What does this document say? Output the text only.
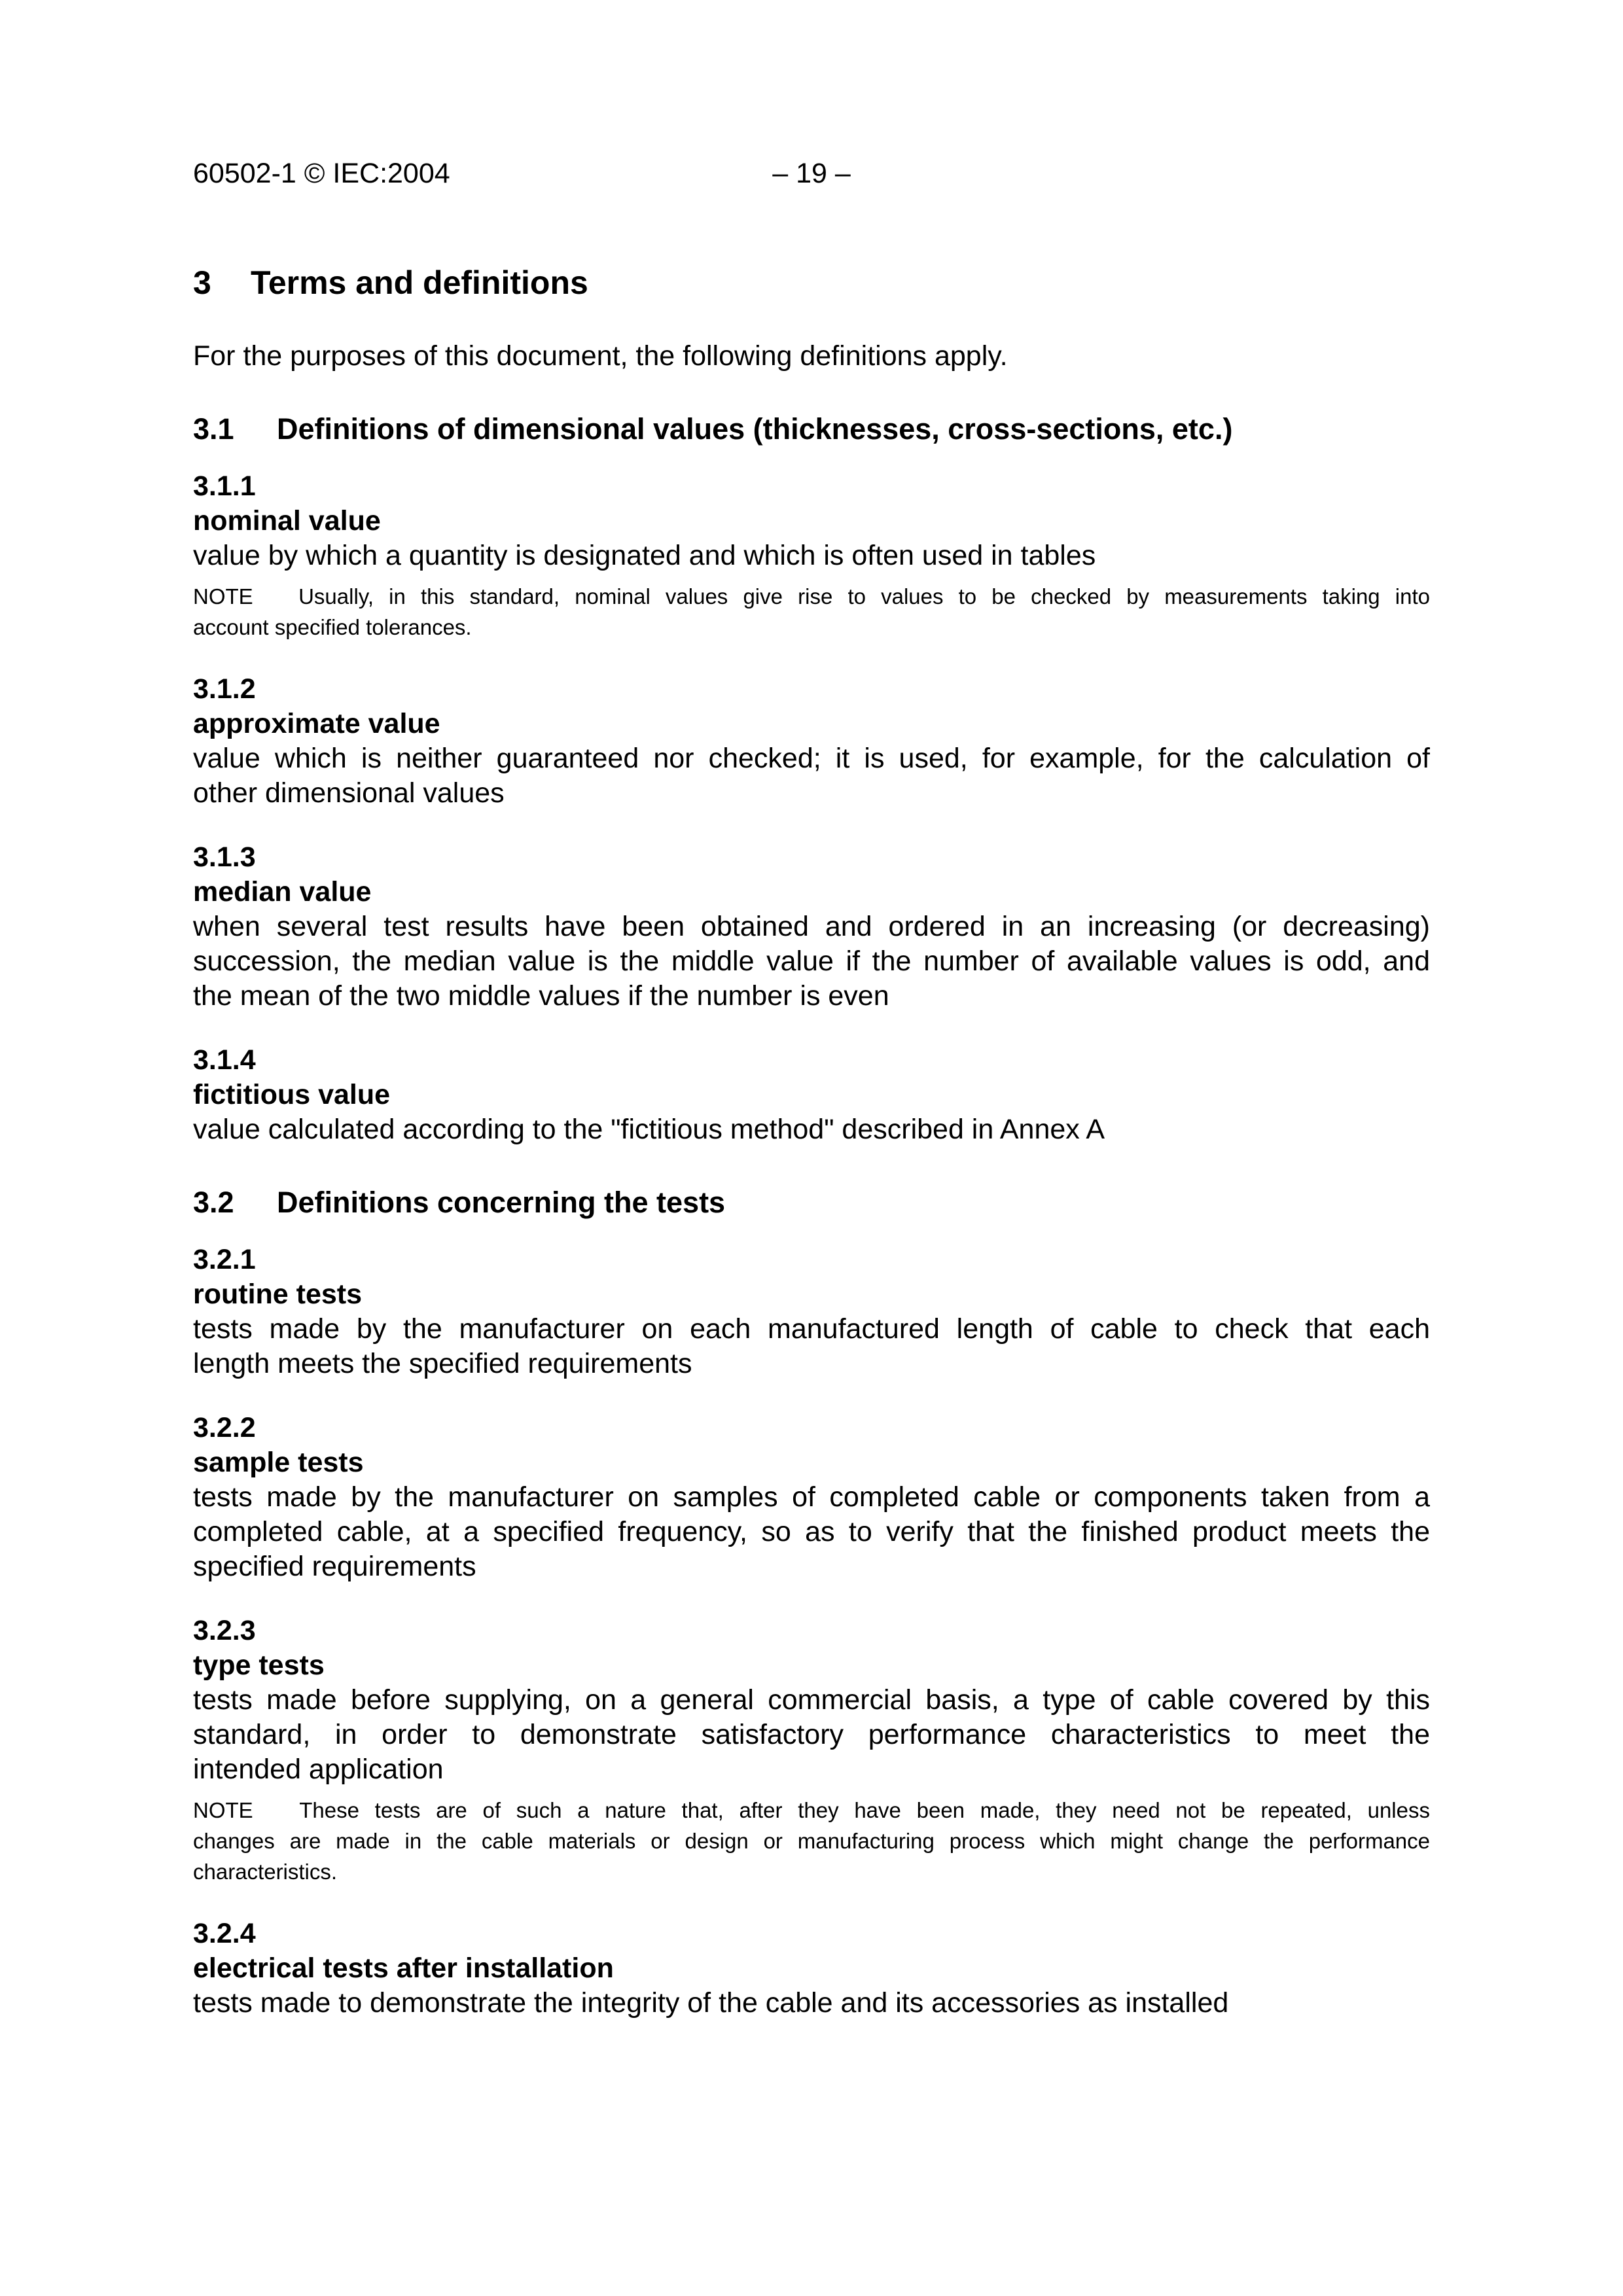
60502-1 © IEC:2004	– 19 –
3 Terms and definitions

For the purposes of this document, the following definitions apply.

3.1 Definitions of dimensional values (thicknesses, cross-sections, etc.)
3.1.1
nominal value
value by which a quantity is designated and which is often used in tables
NOTE   Usually, in this standard, nominal values give rise to values to be checked by measurements taking into
account specified tolerances.
3.1.2
approximate value
value which is neither guaranteed nor checked; it is used, for example, for the calculation of
other dimensional values
3.1.3
median value
when several test results have been obtained and ordered in an increasing (or decreasing)
succession, the median value is the middle value if the number of available values is odd, and
the mean of the two middle values if the number is even
3.1.4
fictitious value
value calculated according to the "fictitious method" described in Annex A
3.2 Definitions concerning the tests
3.2.1
routine tests
tests made by the manufacturer on each manufactured length of cable to check that each
length meets the specified requirements
3.2.2
sample tests
tests made by the manufacturer on samples of completed cable or components taken from a
completed cable, at a specified frequency, so as to verify that the finished product meets the
specified requirements
3.2.3
type tests
tests made before supplying, on a general commercial basis, a type of cable covered by this
standard, in order to demonstrate satisfactory performance characteristics to meet the
intended application
NOTE   These tests are of such a nature that, after they have been made, they need not be repeated, unless
changes are made in the cable materials or design or manufacturing process which might change the performance
characteristics.
3.2.4
electrical tests after installation
tests made to demonstrate the integrity of the cable and its accessories as installed
